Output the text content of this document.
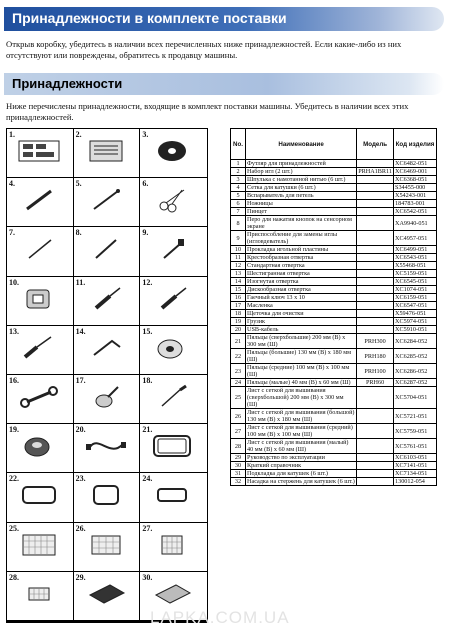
Принадлежности в комплекте поставки
Открыв коробку, убедитесь в наличии всех перечисленных ниже принадлежностей. Если какие-либо из них отсутствуют или повреждены, обратитесь к продавцу машины.
Принадлежности
Ниже перечислены принадлежности, входящие в комплект поставки машины. Убедитесь в наличии всех этих принадлежностей.
1.	2.	3.
4.	5.	6.
7.	8.	9.
10.	11.	12.
13.	14.	15.
16.	17.	18.
19.	20.	21.
22.	23.	24.
25.	26.	27.
28.	29.	30.
No.	Наименование	Модель	Код изделия
1	Футляр для принадлежностей		XC6482-051
2	Набор игл (2 шт.)	PRHA1BR11	XC6469-001
3	Шпулька с намотанной нитью (6 шт.)		XC6368-051
4	Сетка для катушки (6 шт.)		S34455-000
5	Вспарыватель для петель		X54243-001
6	Ножницы		184783-001
7	Пинцет		XC6542-051
8	Перо для нажатия кнопок на сенсорном экране		XA9940-051
9	Приспособление для замены иглы (игловдеватель)		XC4957-051
10	Прокладка игольной пластины		XC6499-051
11	Крестообразная отвертка		XC6543-051
12	Стандартная отвертка		X55468-051
13	Шестигранная отвертка		XC5159-051
14	Изогнутая отвертка		XC6545-051
15	Дискообразная отвертка		XC1074-051
16	Гаечный ключ 13 x 10		XC6159-051
17	Масленка		XC6547-051
18	Щеточка для очистки		X59476-051
19	Грузик		XC5974-051
20	USB-кабель		XC5910-051
21	Пяльцы (сверхбольшие) 200 мм (В) x 300 мм (Ш)	PRH300	XC6284-052
22	Пяльцы (большие) 130 мм (В) x 180 мм (Ш)	PRH180	XC6285-052
23	Пяльцы (средние) 100 мм (В) x 100 мм (Ш)	PRH100	XC6286-052
24	Пяльцы (малые) 40 мм (В) x 60 мм (Ш)	PRH60	XC6287-052
25	Лист с сеткой для вышивания (сверхбольшой) 200 мм (В) x 300 мм (Ш)		XC5704-051
26	Лист с сеткой для вышивания (большой) 130 мм (В) x 180 мм (Ш)		XC5721-051
27	Лист с сеткой для вышивания (средний) 100 мм (В) x 100 мм (Ш)		XC5759-051
28	Лист с сеткой для вышивания (малый) 40 мм (В) x 60 мм (Ш)		XC5761-051
29	Руководство по эксплуатации		XC6103-051
30	Краткий справочник		XC7141-051
31	Подкладка для катушек (6 шт.)		XC7134-051
32	Насадка на стержень для катушек (6 шт.)		130012-054
LAPKA.COM.UA
